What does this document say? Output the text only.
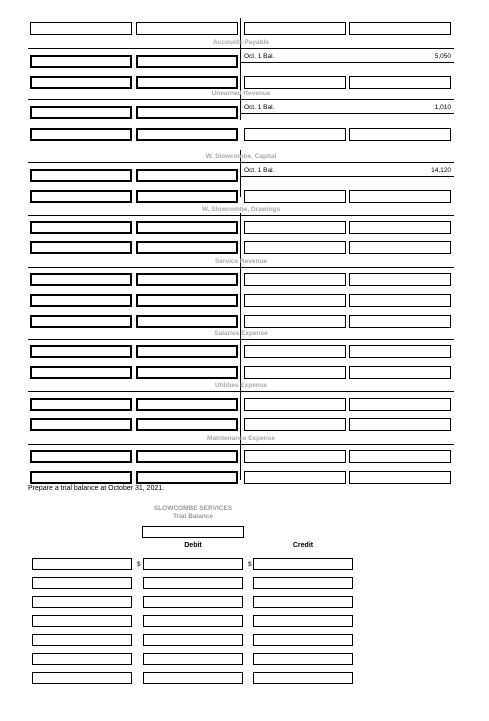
Accounts Payable
Oct. 1 Bal.	5,050
Unearned Revenue
Oct. 1 Bal.	1,010
W. Slowcombe, Capital
Oct. 1 Bal.	14,120
W. Slowcombe, Drawings
Service Revenue
Salaries Expense
Utilities Expense
Maintenance Expense
Prepare a trial balance at October 31, 2021.
SLOWCOMBE SERVICES
Trial Balance
Debit	Credit
$	$
